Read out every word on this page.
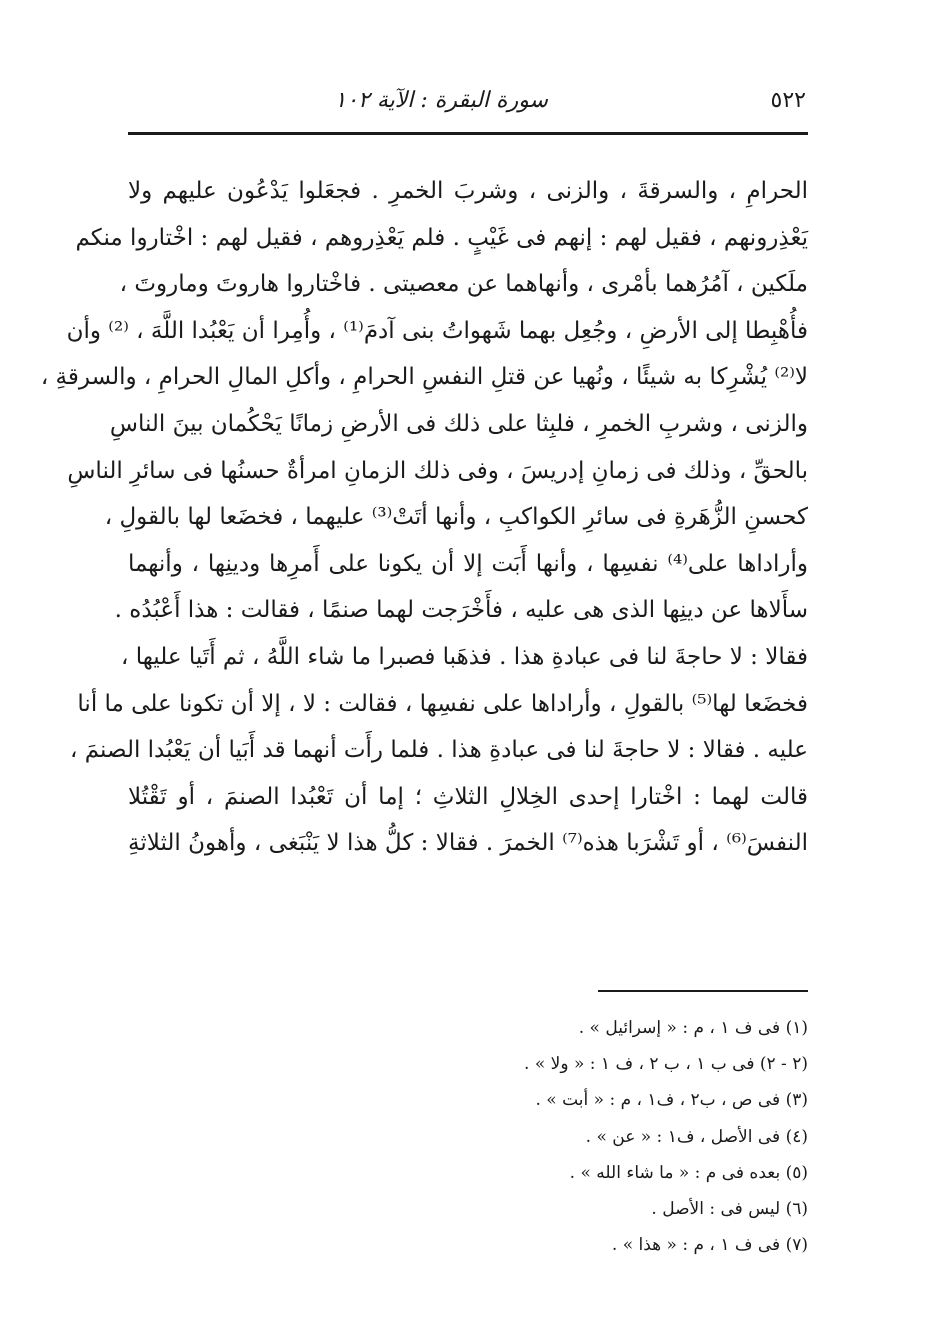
٥٢٢
سورة البقرة : الآية ١٠٢
الحرامِ ، والسرقةَ ، والزنى ، وشربَ الخمرِ . فجعَلوا يَدْعُون عليهم ولا
يَعْذِرونهم ، فقيل لهم : إنهم فى غَيْبٍ . فلم يَعْذِروهم ، فقيل لهم : اخْتاروا منكم
ملَكين ، آمُرُهما بأمْرى ، وأنهاهما عن معصيتى . فاخْتاروا هاروتَ وماروتَ ،
فأُهْبِطا إلى الأرضِ ، وجُعِل بهما شَهواتُ بنى آدمَ⁽¹⁾ ، وأُمِرا أن يَعْبُدا اللَّهَ ، ⁽²⁾ وأن
لا⁽²⁾ يُشْرِكا به شيئًا ، ونُهيا عن قتلِ النفسِ الحرامِ ، وأكلِ المالِ الحرامِ ، والسرقةِ ،
والزنى ، وشربِ الخمرِ ، فلبِثا على ذلك فى الأرضِ زمانًا يَحْكُمان بينَ الناسِ
بالحقِّ ، وذلك فى زمانِ إدريسَ ، وفى ذلك الزمانِ امرأةٌ حسنُها فى سائرِ الناسِ
كحسنِ الزُّهَرةِ فى سائرِ الكواكبِ ، وأنها أتَتْ⁽³⁾ عليهما ، فخضَعا لها بالقولِ ،
وأراداها على⁽⁴⁾ نفسِها ، وأنها أَبَت إلا أن يكونا على أَمرِها ودينِها ، وأنهما
سأَلاها عن دينِها الذى هى عليه ، فأَخْرَجت لهما صنمًا ، فقالت : هذا أَعْبُدُه .
فقالا : لا حاجةَ لنا فى عبادةِ هذا . فذهَبا فصبرا ما شاء اللَّهُ ، ثم أَتَيا عليها ،
فخضَعا لها⁽⁵⁾ بالقولِ ، وأراداها على نفسِها ، فقالت : لا ، إلا أن تكونا على ما أنا
عليه . فقالا : لا حاجةَ لنا فى عبادةِ هذا . فلما رأَت أنهما قد أَبَيا أن يَعْبُدا الصنمَ ،
قالت لهما : اخْتارا إحدى الخِلالِ الثلاثِ ؛ إما أن تَعْبُدا الصنمَ ، أو تَقْتُلا
النفسَ⁽⁶⁾ ، أو تَشْرَبا هذه⁽⁷⁾ الخمرَ . فقالا : كلُّ هذا لا يَنْبَغى ، وأهونُ الثلاثةِ
(١) فى ف ١ ، م : « إسرائيل » .
(٢ - ٢) فى ب ١ ، ب ٢ ، ف ١ : « ولا » .
(٣) فى ص ، ب٢ ، ف١ ، م : « أبت » .
(٤) فى الأصل ، ف١ : « عن » .
(٥) بعده فى م : « ما شاء الله » .
(٦) ليس فى : الأصل .
(٧) فى ف ١ ، م : « هذا » .
